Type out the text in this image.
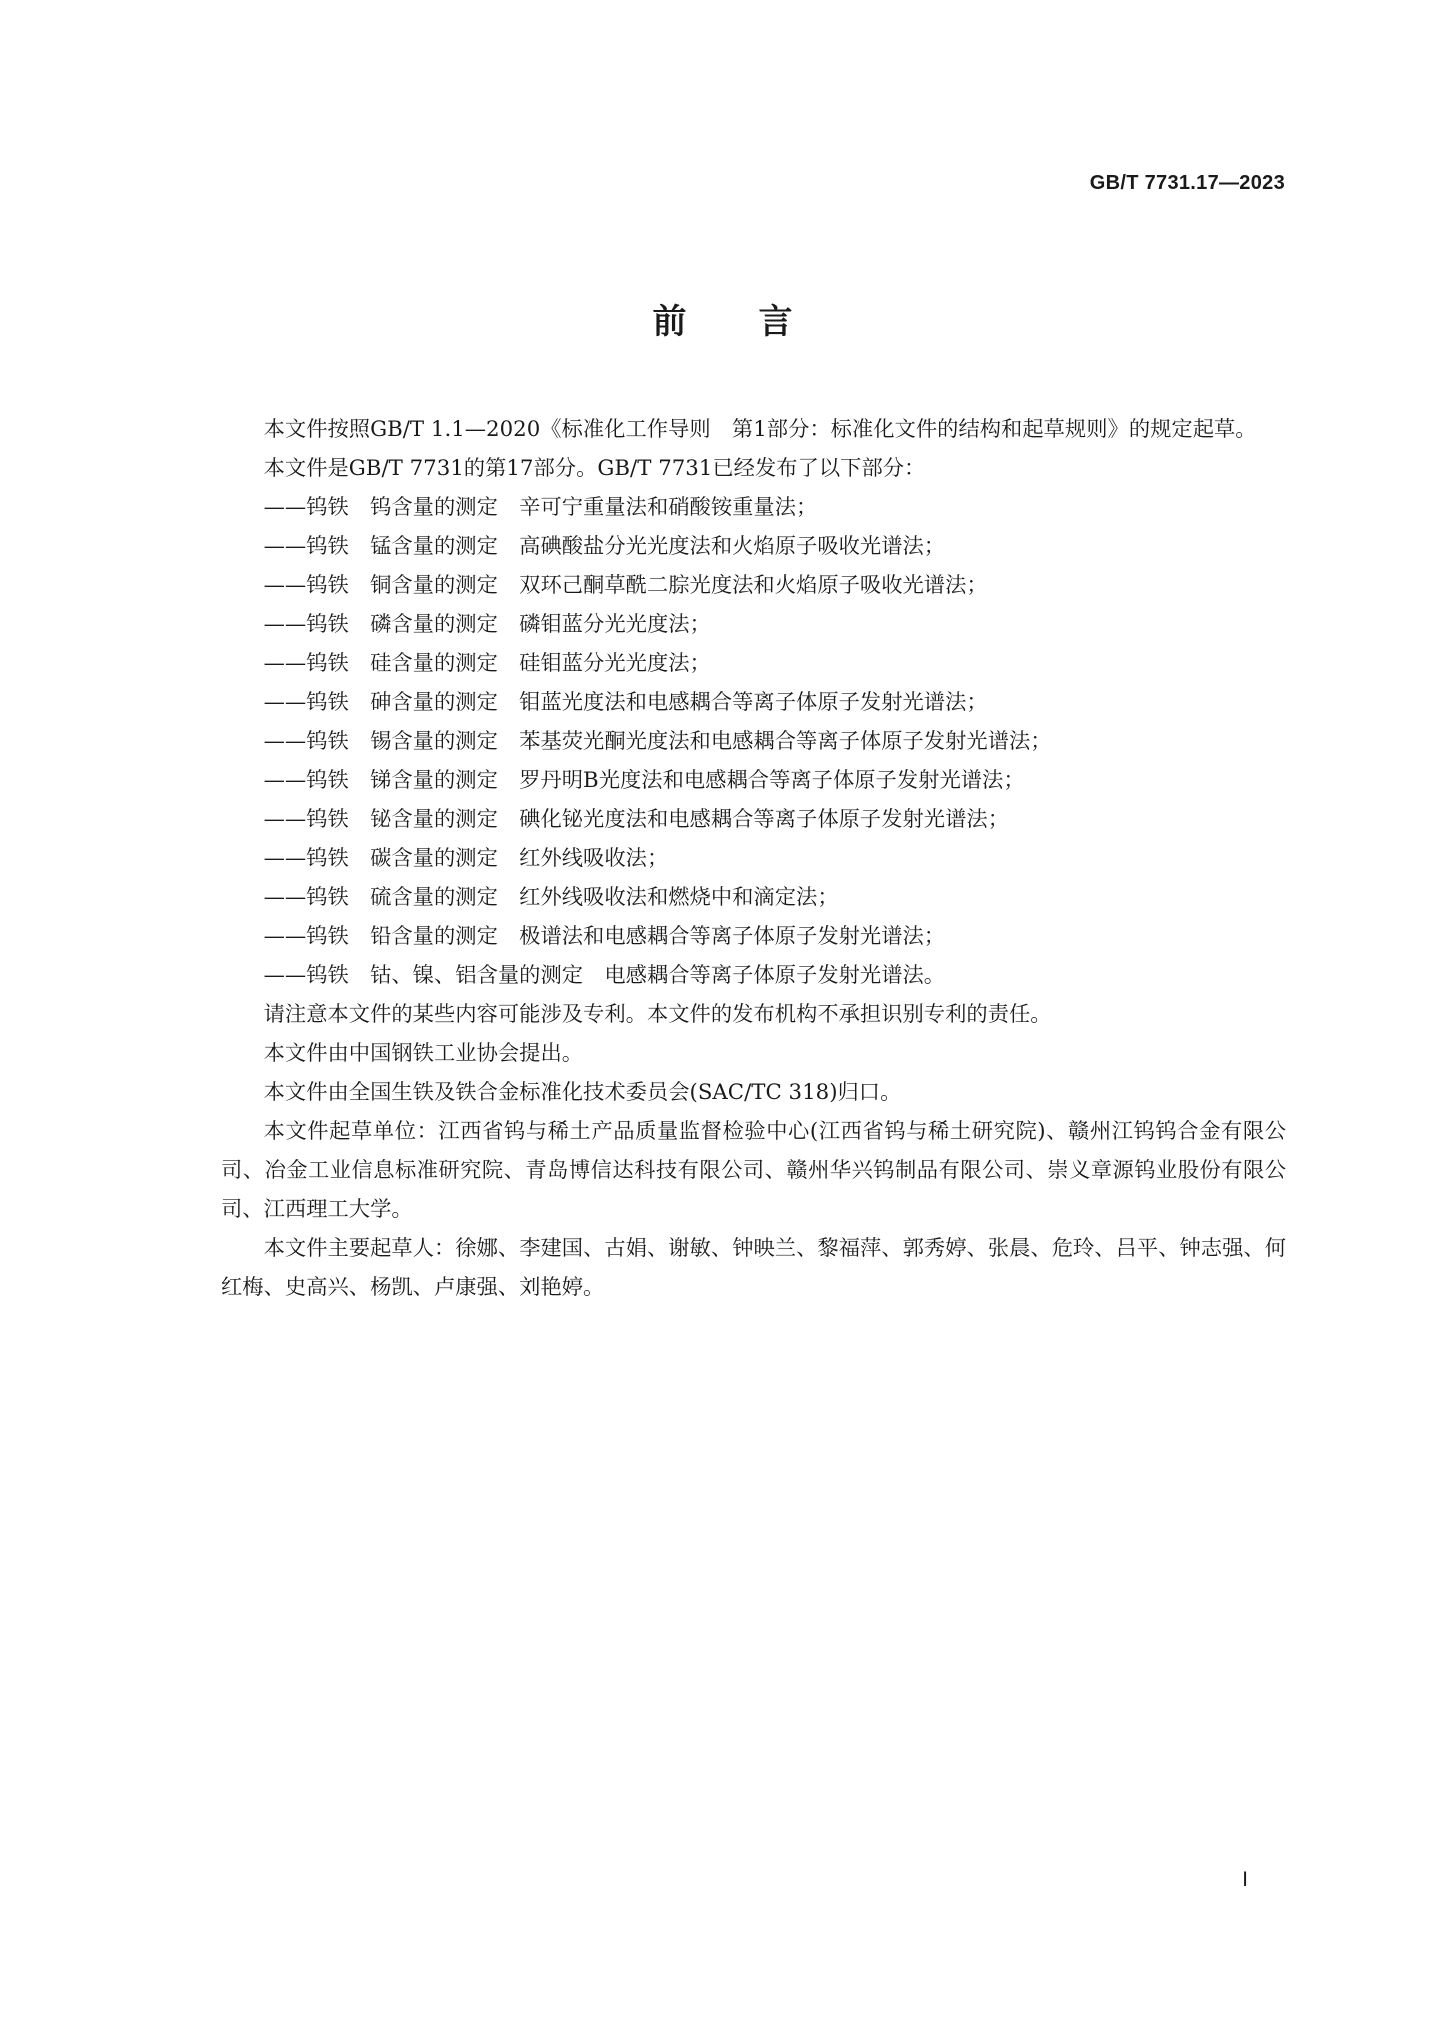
GB/T 7731.17—2023
前言

本文件按照GB/T 1.1—2020《标准化工作导则　第1部分：标准化文件的结构和起草规则》的规定起草。

本文件是GB/T 7731的第17部分。GB/T 7731已经发布了以下部分：

——钨铁　钨含量的测定　辛可宁重量法和硝酸铵重量法；

——钨铁　锰含量的测定　高碘酸盐分光光度法和火焰原子吸收光谱法；

——钨铁　铜含量的测定　双环己酮草酰二腙光度法和火焰原子吸收光谱法；

——钨铁　磷含量的测定　磷钼蓝分光光度法；

——钨铁　硅含量的测定　硅钼蓝分光光度法；

——钨铁　砷含量的测定　钼蓝光度法和电感耦合等离子体原子发射光谱法；

——钨铁　锡含量的测定　苯基荧光酮光度法和电感耦合等离子体原子发射光谱法；

——钨铁　锑含量的测定　罗丹明B光度法和电感耦合等离子体原子发射光谱法；

——钨铁　铋含量的测定　碘化铋光度法和电感耦合等离子体原子发射光谱法；

——钨铁　碳含量的测定　红外线吸收法；

——钨铁　硫含量的测定　红外线吸收法和燃烧中和滴定法；

——钨铁　铅含量的测定　极谱法和电感耦合等离子体原子发射光谱法；

——钨铁　钴、镍、铝含量的测定　电感耦合等离子体原子发射光谱法。

请注意本文件的某些内容可能涉及专利。本文件的发布机构不承担识别专利的责任。

本文件由中国钢铁工业协会提出。

本文件由全国生铁及铁合金标准化技术委员会(SAC/TC 318)归口。

本文件起草单位：江西省钨与稀土产品质量监督检验中心(江西省钨与稀土研究院)、赣州江钨钨合金有限公司、冶金工业信息标准研究院、青岛博信达科技有限公司、赣州华兴钨制品有限公司、崇义章源钨业股份有限公司、江西理工大学。

本文件主要起草人：徐娜、李建国、古娟、谢敏、钟映兰、黎福萍、郭秀婷、张晨、危玲、吕平、钟志强、何红梅、史高兴、杨凯、卢康强、刘艳婷。

Ⅰ
